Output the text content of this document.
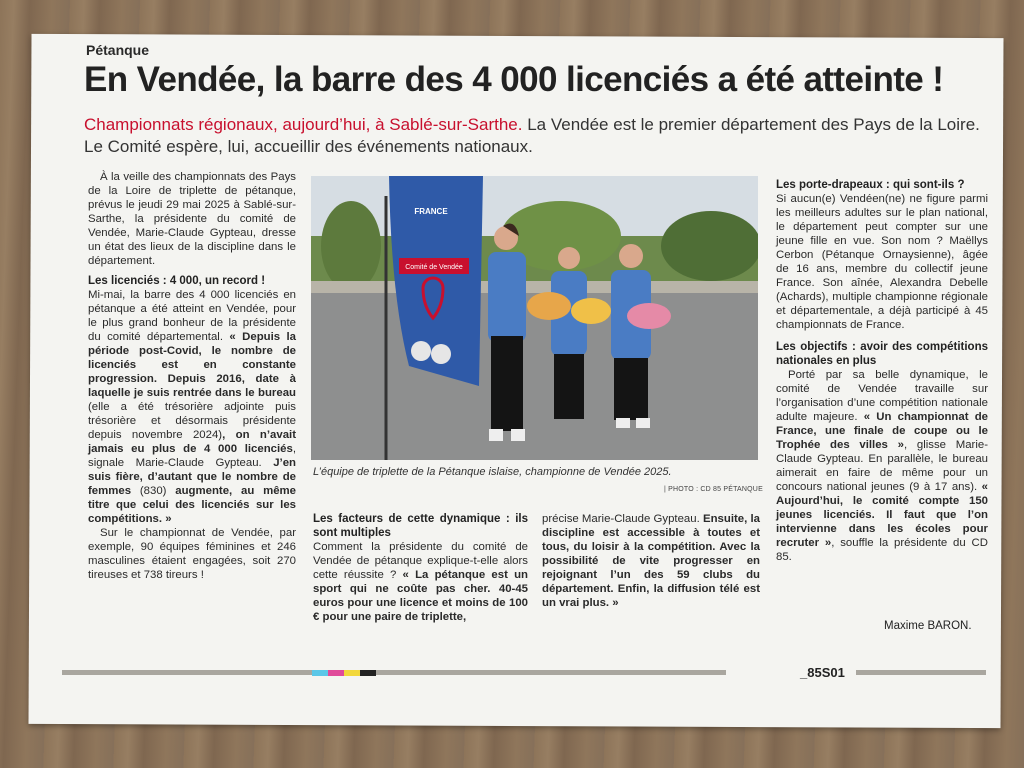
Pétanque
En Vendée, la barre des 4 000 licenciés a été atteinte !
Championnats régionaux, aujourd’hui, à Sablé-sur-Sarthe. La Vendée est le premier département des Pays de la Loire. Le Comité espère, lui, accueillir des événements nationaux.

À la veille des championnats des Pays de la Loire de triplette de pétanque, prévus le jeudi 29 mai 2025 à Sablé-sur-Sarthe, la présidente du comité de Vendée, Marie-Claude Gypteau, dresse un état des lieux de la discipline dans le département.

Les licenciés : 4 000, un record !

Mi-mai, la barre des 4 000 licenciés en pétanque a été atteint en Vendée, pour le plus grand bonheur de la présidente du comité départemental. « Depuis la période post-Covid, le nombre de licenciés est en constante progression. Depuis 2016, date à laquelle je suis rentrée dans le bureau (elle a été trésorière adjointe puis trésorière et désormais présidente depuis novembre 2024), on n’avait jamais eu plus de 4 000 licenciés, signale Marie-Claude Gypteau. J’en suis fière, d’autant que le nombre de femmes (830) augmente, au même titre que celui des licenciés sur les compétitions. »

Sur le championnat de Vendée, par exemple, 90 équipes féminines et 246 masculines étaient engagées, soit 270 tireuses et 738 tireurs !

Comité de Vendée
FRANCE
L’équipe de triplette de la Pétanque islaise, championne de Vendée 2025.
| PHOTO : CD 85 PÉTANQUE
Les facteurs de cette dynamique : ils sont multiples

Comment la présidente du comité de Vendée de pétanque explique-t-elle alors cette réussite ? « La pétanque est un sport qui ne coûte pas cher. 40-45 euros pour une licence et moins de 100 € pour une paire de triplette,

précise Marie-Claude Gypteau. Ensuite, la discipline est accessible à toutes et tous, du loisir à la compétition. Avec la possibilité de vite progresser en rejoignant l’un des 59 clubs du département. Enfin, la diffusion télé est un vrai plus. »

Les porte-drapeaux : qui sont-ils ?

Si aucun(e) Vendéen(ne) ne figure parmi les meilleurs adultes sur le plan national, le département peut compter sur une jeune fille en vue. Son nom ? Maëllys Cerbon (Pétanque Ornaysienne), âgée de 16 ans, membre du collectif jeune France. Son aînée, Alexandra Debelle (Achards), multiple championne régionale et départementale, a déjà participé à 45 championnats de France.

Les objectifs : avoir des compétitions nationales en plus

Porté par sa belle dynamique, le comité de Vendée travaille sur l’organisation d’une compétition nationale adulte majeure. « Un championnat de France, une finale de coupe ou le Trophée des villes », glisse Marie-Claude Gypteau. En parallèle, le bureau aimerait en faire de même pour un concours national jeunes (9 à 17 ans). « Aujourd’hui, le comité compte 150 jeunes licenciés. Il faut que l’on intervienne dans les écoles pour recruter », souffle la présidente du CD 85.

Maxime BARON.
_85S01
